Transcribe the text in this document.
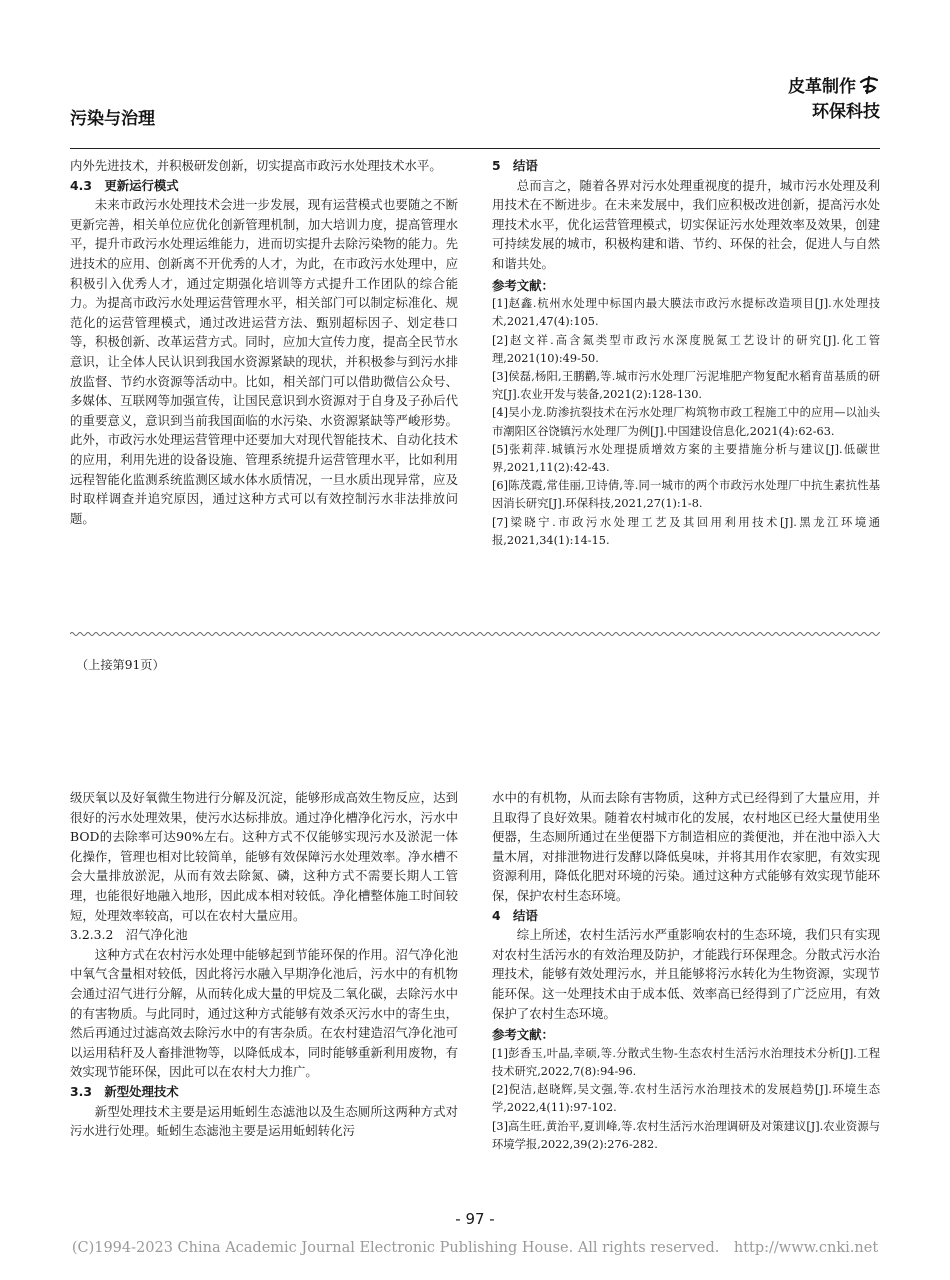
污染与治理
皮革制作
环保科技

内外先进技术，并积极研发创新，切实提高市政污水处理技术水平。

4.3　更新运行模式

未来市政污水处理技术会进一步发展，现有运营模式也要随之不断更新完善，相关单位应优化创新管理机制，加大培训力度，提高管理水平，提升市政污水处理运维能力，进而切实提升去除污染物的能力。先进技术的应用、创新离不开优秀的人才，为此，在市政污水处理中，应积极引入优秀人才，通过定期强化培训等方式提升工作团队的综合能力。为提高市政污水处理运营管理水平，相关部门可以制定标准化、规范化的运营管理模式，通过改进运营方法、甄别超标因子、划定巷口等，积极创新、改革运营方式。同时，应加大宣传力度，提高全民节水意识，让全体人民认识到我国水资源紧缺的现状，并积极参与到污水排放监督、节约水资源等活动中。比如，相关部门可以借助微信公众号、多媒体、互联网等加强宣传，让国民意识到水资源对于自身及子孙后代的重要意义，意识到当前我国面临的水污染、水资源紧缺等严峻形势。此外，市政污水处理运营管理中还要加大对现代智能技术、自动化技术的应用，利用先进的设备设施、管理系统提升运营管理水平，比如利用远程智能化监测系统监测区域水体水质情况，一旦水质出现异常，应及时取样调查并追究原因，通过这种方式可以有效控制污水非法排放问题。

5　结语

总而言之，随着各界对污水处理重视度的提升，城市污水处理及利用技术在不断进步。在未来发展中，我们应积极改进创新，提高污水处理技术水平，优化运营管理模式，切实保证污水处理效率及效果，创建可持续发展的城市，积极构建和谐、节约、环保的社会，促进人与自然和谐共处。

参考文献：

[1]赵鑫.杭州水处理中标国内最大膜法市政污水提标改造项目[J].水处理技术,2021,47(4):105.

[2]赵文祥.高含氮类型市政污水深度脱氮工艺设计的研究[J].化工管理,2021(10):49-50.

[3]侯磊,杨阳,王鹏鹳,等.城市污水处理厂污泥堆肥产物复配水稻育苗基质的研究[J].农业开发与装备,2021(2):128-130.

[4]吴小龙.防渗抗裂技术在污水处理厂构筑物市政工程施工中的应用—以汕头市潮阳区谷饶镇污水处理厂为例[J].中国建设信息化,2021(4):62-63.

[5]张莉萍.城镇污水处理提质增效方案的主要措施分析与建议[J].低碳世界,2021,11(2):42-43.

[6]陈茂霞,常佳丽,卫诗倩,等.同一城市的两个市政污水处理厂中抗生素抗性基因消长研究[J].环保科技,2021,27(1):1-8.

[7]梁晓宁.市政污水处理工艺及其回用利用技术[J].黑龙江环境通报,2021,34(1):14-15.

（上接第91页）

级厌氧以及好氧微生物进行分解及沉淀，能够形成高效生物反应，达到很好的污水处理效果，使污水达标排放。通过净化槽净化污水，污水中BOD的去除率可达90%左右。这种方式不仅能够实现污水及淤泥一体化操作，管理也相对比较简单，能够有效保障污水处理效率。净水槽不会大量排放淤泥，从而有效去除氮、磷，这种方式不需要长期人工管理，也能很好地融入地形，因此成本相对较低。净化槽整体施工时间较短，处理效率较高，可以在农村大量应用。

3.2.3.2　沼气净化池

这种方式在农村污水处理中能够起到节能环保的作用。沼气净化池中氧气含量相对较低，因此将污水融入早期净化池后，污水中的有机物会通过沼气进行分解，从而转化成大量的甲烷及二氧化碳，去除污水中的有害物质。与此同时，通过这种方式能够有效杀灭污水中的寄生虫，然后再通过过滤高效去除污水中的有害杂质。在农村建造沼气净化池可以运用秸秆及人畜排泄物等，以降低成本，同时能够重新利用废物，有效实现节能环保，因此可以在农村大力推广。

3.3　新型处理技术

新型处理技术主要是运用蚯蚓生态滤池以及生态厕所这两种方式对污水进行处理。蚯蚓生态滤池主要是运用蚯蚓转化污

水中的有机物，从而去除有害物质，这种方式已经得到了大量应用，并且取得了良好效果。随着农村城市化的发展，农村地区已经大量使用坐便器，生态厕所通过在坐便器下方制造相应的粪便池，并在池中添入大量木屑，对排泄物进行发酵以降低臭味，并将其用作农家肥，有效实现资源利用，降低化肥对环境的污染。通过这种方式能够有效实现节能环保，保护农村生态环境。

4　结语

综上所述，农村生活污水严重影响农村的生态环境，我们只有实现对农村生活污水的有效治理及防护，才能践行环保理念。分散式污水治理技术，能够有效处理污水，并且能够将污水转化为生物资源，实现节能环保。这一处理技术由于成本低、效率高已经得到了广泛应用，有效保护了农村生态环境。

参考文献：

[1]彭香玉,叶晶,幸硕,等.分散式生物-生态农村生活污水治理技术分析[J].工程技术研究,2022,7(8):94-96.

[2]倪洁,赵晓辉,吴文强,等.农村生活污水治理技术的发展趋势[J].环境生态学,2022,4(11):97-102.

[3]高生旺,黄治平,夏训峰,等.农村生活污水治理调研及对策建议[J].农业资源与环境学报,2022,39(2):276-282.

- 97 -
(C)1994-2023 China Academic Journal Electronic Publishing House. All rights reserved.　http://www.cnki.net
